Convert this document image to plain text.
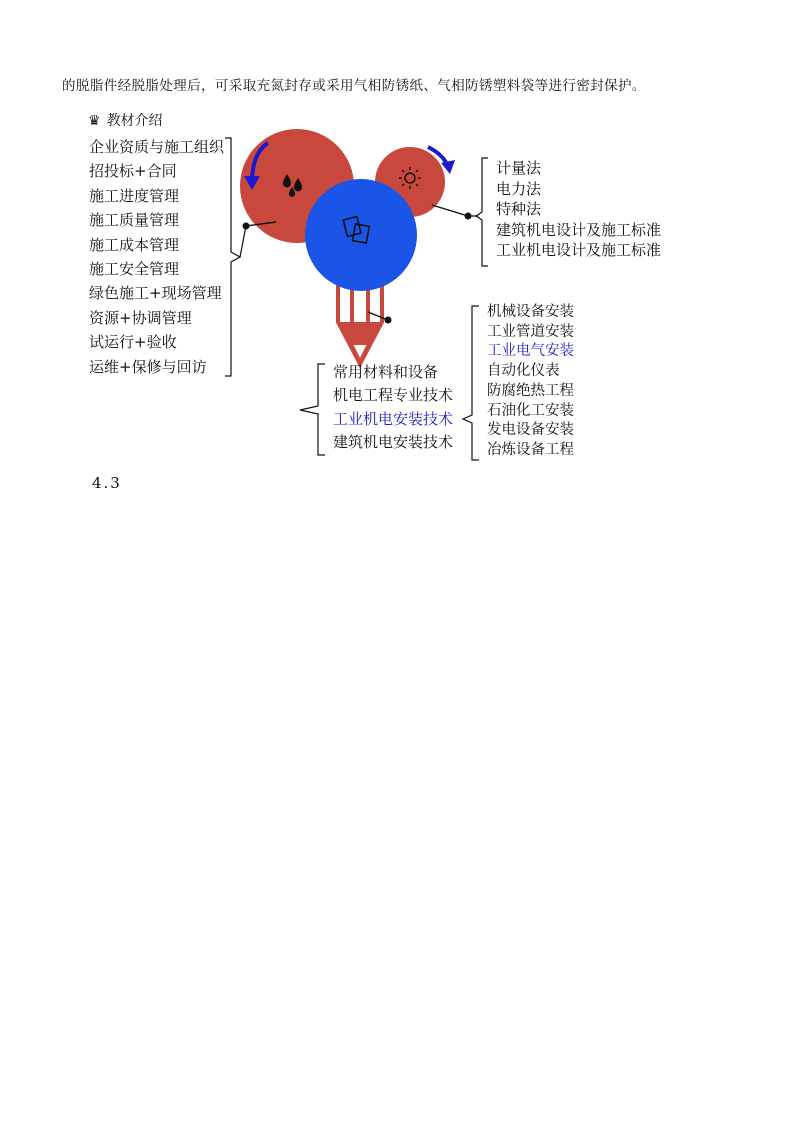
的脱脂件经脱脂处理后，可采取充氮封存或采用气相防锈纸、气相防锈塑料袋等进行密封保护。
♛ 教材介绍
企业资质与施工组织
招投标+合同
施工进度管理
施工质量管理
施工成本管理
施工安全管理
绿色施工+现场管理
资源+协调管理
试运行+验收
运维+保修与回访
计量法
电力法
特种法
建筑机电设计及施工标准
工业机电设计及施工标准
常用材料和设备
机电工程专业技术
工业机电安装技术
建筑机电安装技术
机械设备安装
工业管道安装
工业电气安装
自动化仪表
防腐绝热工程
石油化工安装
发电设备安装
冶炼设备工程
4.3
